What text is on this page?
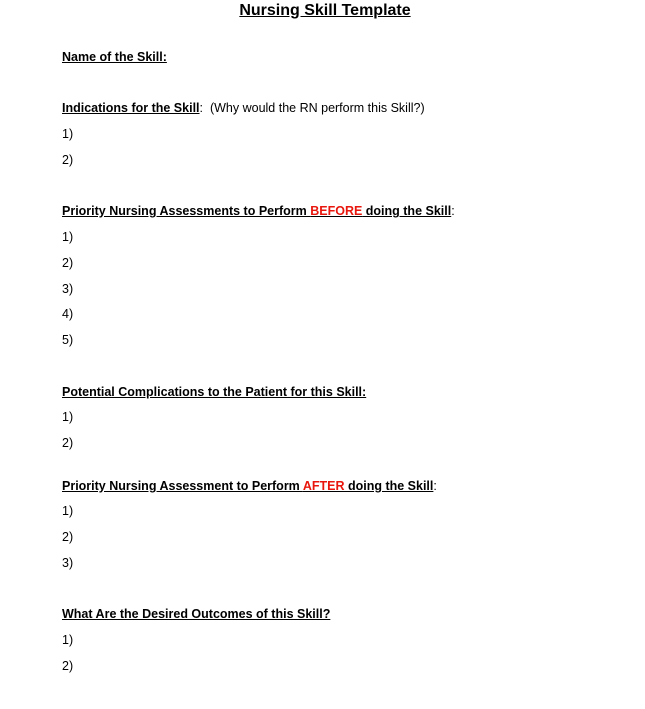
Nursing Skill Template
Name of the Skill:
Indications for the Skill: (Why would the RN perform this Skill?)
1)
2)
Priority Nursing Assessments to Perform BEFORE doing the Skill:
1)
2)
3)
4)
5)
Potential Complications to the Patient for this Skill:
1)
2)
Priority Nursing Assessment to Perform AFTER doing the Skill:
1)
2)
3)
What Are the Desired Outcomes of this Skill?
1)
2)
